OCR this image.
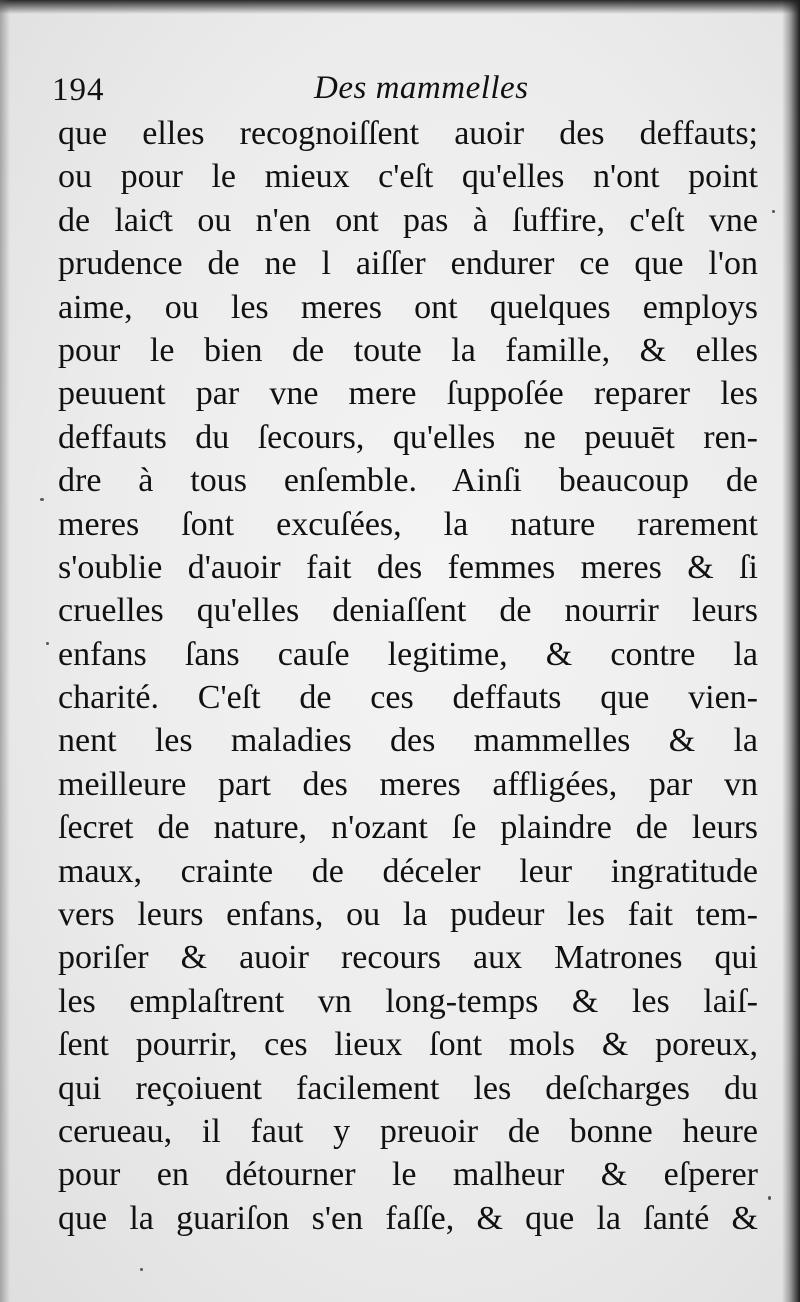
194	Des mammelles
que elles recognoiſſent auoir des deffauts;
ou pour le mieux c'eſt qu'elles n'ont point
de laiƈt ou n'en ont pas à ſuffire, c'eſt vne
prudence de ne l aiſſer endurer ce que l'on
aime, ou les meres ont quelques employs
pour le bien de toute la famille, & elles
peuuent par vne mere ſuppoſée reparer les
deffauts du ſecours, qu'elles ne peuuēt ren-
dre à tous enſemble. Ainſi beaucoup de
meres ſont excuſées, la nature rarement
s'oublie d'auoir fait des femmes meres & ſi
cruelles qu'elles deniaſſent de nourrir leurs
enfans ſans cauſe legitime, & contre la
charité. C'eſt de ces deffauts que vien-
nent les maladies des mammelles & la
meilleure part des meres affligées, par vn
ſecret de nature, n'ozant ſe plaindre de leurs
maux, crainte de déceler leur ingratitude
vers leurs enfans, ou la pudeur les fait tem-
poriſer & auoir recours aux Matrones qui
les emplaſtrent vn long-temps & les laiſ-
ſent pourrir, ces lieux ſont mols & poreux,
qui reçoiuent facilement les deſcharges du
cerueau, il faut y preuoir de bonne heure
pour en détourner le malheur & eſperer
que la guariſon s'en faſſe, & que la ſanté &
